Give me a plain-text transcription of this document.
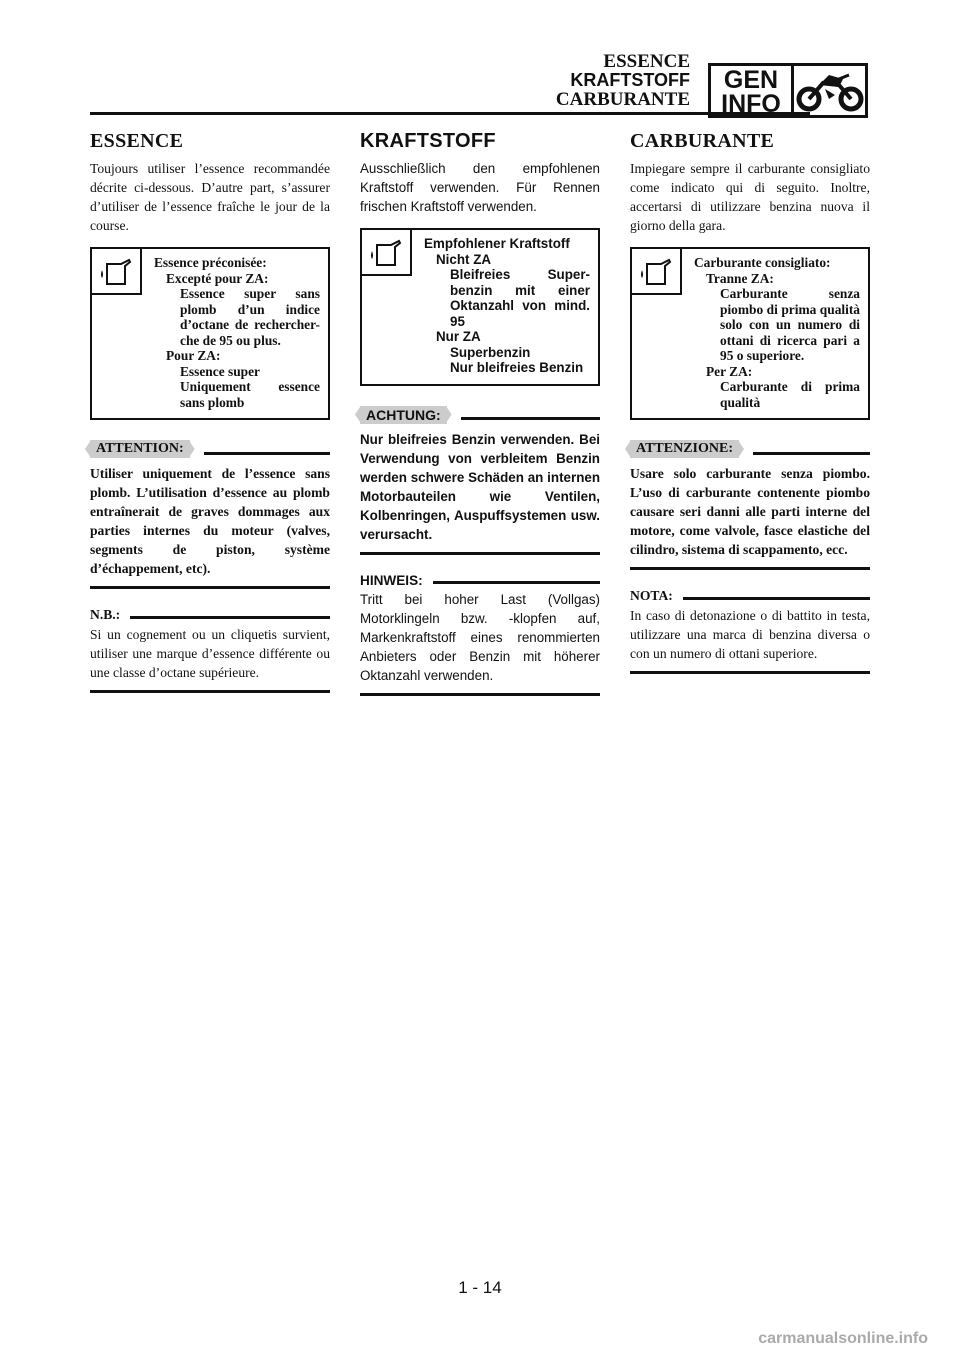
ESSENCE
KRAFTSTOFF
CARBURANTE
GEN
INFO
ESSENCE

Toujours utiliser l’essence recommandée décrite ci-dessous. D’autre part, s’assurer d’utiliser de l’essence fraîche le jour de la course.

Essence préconisée:
Excepté pour ZA:
Essence super sans plomb d’un indice d’octane de rechercher-che de 95 ou plus.
Pour ZA:
Essence super
Uniquement essence sans plomb
ATTENTION:
Utiliser uniquement de l’essence sans plomb. L’utilisation d’essence au plomb entraînerait de graves dommages aux parties internes du moteur (valves, segments de piston, système d’échappement, etc).
N.B.:
Si un cognement ou un cliquetis survient, utiliser une marque d’essence différente ou une classe d’octane supérieure.
KRAFTSTOFF

Ausschließlich den empfohlenen Kraftstoff verwenden. Für Rennen frischen Kraftstoff verwenden.

Empfohlener Kraftstoff
Nicht ZA
Bleifreies Super-benzin mit einer Oktanzahl von mind. 95
Nur ZA
Superbenzin
Nur bleifreies Benzin
ACHTUNG:
Nur bleifreies Benzin verwenden. Bei Verwendung von verbleitem Benzin werden schwere Schäden an internen Motorbauteilen wie Ventilen, Kolbenringen, Auspuffsystemen usw. verursacht.
HINWEIS:
Tritt bei hoher Last (Vollgas) Motorklingeln bzw. -klopfen auf, Markenkraftstoff eines renommierten Anbieters oder Benzin mit höherer Oktanzahl verwenden.
CARBURANTE

Impiegare sempre il carburante consigliato come indicato qui di seguito. Inoltre, accertarsi di utilizzare benzina nuova il giorno della gara.

Carburante consigliato:
Tranne ZA:
Carburante senza piombo di prima qualità solo con un numero di ottani di ricerca pari a 95 o superiore.
Per ZA:
Carburante di prima qualità
ATTENZIONE:
Usare solo carburante senza piombo. L’uso di carburante contenente piombo causare seri danni alle parti interne del motore, come valvole, fasce elastiche del cilindro, sistema di scappamento, ecc.
NOTA:
In caso di detonazione o di battito in testa, utilizzare una marca di benzina diversa o con un numero di ottani superiore.
1 - 14
carmanualsonline.info
